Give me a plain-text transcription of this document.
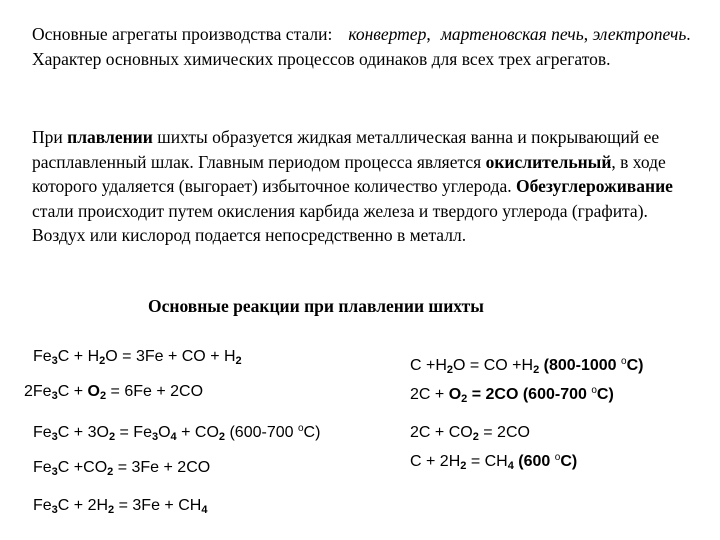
Основные агрегаты производства стали: конвертер, мартеновская печь, электропечь.Характер основных химических процессов одинаков для всех трех агрегатов.
При плавлении шихты образуется жидкая металлическая ванна и покрывающий ее расплавленный шлак. Главным периодом процесса является окислительный, в ходе которого удаляется (выгорает) избыточное количество углерода. Обезуглероживание стали происходит путем окисления карбида железа и твердого углерода (графита). Воздух или кислород подается непосредственно в металл.
Основные реакции при плавлении шихты
$Fe_3C + H_2O = 3Fe$ + CO + $H_2$
$2Fe_3C + O_2 = 6Fe + 2CO$
$Fe_3C + 3O_2 = Fe_3O_4 + CO_2$ (600-700 $^o$C)
$Fe_3C +CO_2 = 3Fe + 2CO$
$Fe_3C + 2H_2 = 3Fe + CH_4$
$C +H_2O$ = CO $+H_2$ (800-1000 $^o$C)
$2C + O_2 = 2CO$ (600-700 $^o$C)
$2C + CO_2 = 2CO$
$C + 2H_2 = CH_4$ (600 $^o$C)
